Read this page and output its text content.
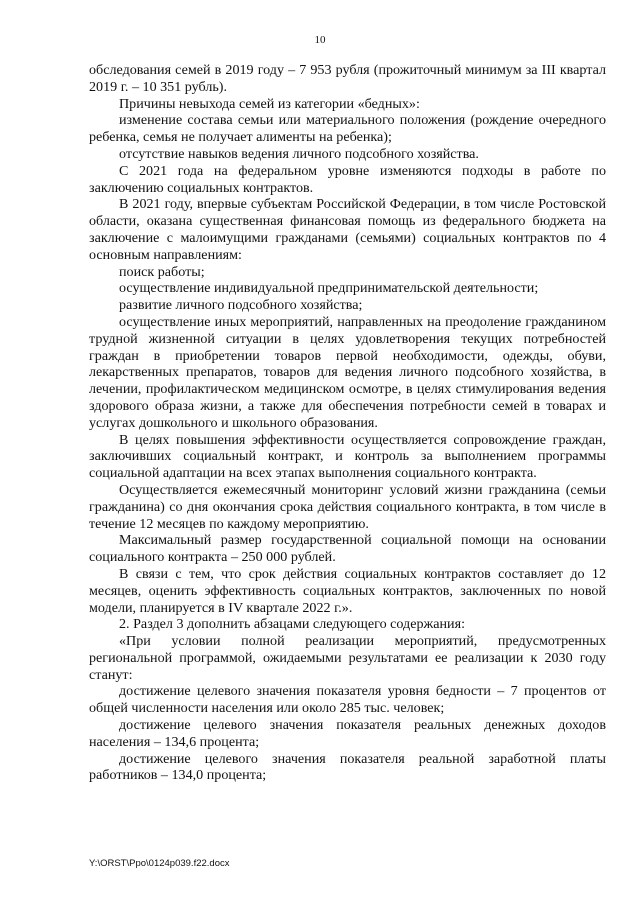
10

обследования семей в 2019 году – 7 953 рубля (прожиточный минимум за III квартал 2019 г. – 10 351 рубль).

Причины невыхода семей из категории «бедных»:

изменение состава семьи или материального положения (рождение очередного ребенка, семья не получает алименты на ребенка);

отсутствие навыков ведения личного подсобного хозяйства.

С 2021 года на федеральном уровне изменяются подходы в работе по заключению социальных контрактов.

В 2021 году, впервые субъектам Российской Федерации, в том числе Ростовской области, оказана существенная финансовая помощь из федерального бюджета на заключение с малоимущими гражданами (семьями) социальных контрактов по 4 основным направлениям:

поиск работы;

осуществление индивидуальной предпринимательской деятельности;

развитие личного подсобного хозяйства;

осуществление иных мероприятий, направленных на преодоление гражданином трудной жизненной ситуации в целях удовлетворения текущих потребностей граждан в приобретении товаров первой необходимости, одежды, обуви, лекарственных препаратов, товаров для ведения личного подсобного хозяйства, в лечении, профилактическом медицинском осмотре, в целях стимулирования ведения здорового образа жизни, а также для обеспечения потребности семей в товарах и услугах дошкольного и школьного образования.

В целях повышения эффективности осуществляется сопровождение граждан, заключивших социальный контракт, и контроль за выполнением программы социальной адаптации на всех этапах выполнения социального контракта.

Осуществляется ежемесячный мониторинг условий жизни гражданина (семьи гражданина) со дня окончания срока действия социального контракта, в том числе в течение 12 месяцев по каждому мероприятию.

Максимальный размер государственной социальной помощи на основании социального контракта – 250 000 рублей.

В связи с тем, что срок действия социальных контрактов составляет до 12 месяцев, оценить эффективность социальных контрактов, заключенных по новой модели, планируется в IV квартале 2022 г.».

2. Раздел 3 дополнить абзацами следующего содержания:

«При условии полной реализации мероприятий, предусмотренных региональной программой, ожидаемыми результатами ее реализации к 2030 году станут:

достижение целевого значения показателя уровня бедности – 7 процентов от общей численности населения или около 285 тыс. человек;

достижение целевого значения показателя реальных денежных доходов населения – 134,6 процента;

достижение целевого значения показателя реальной заработной платы работников – 134,0 процента;

Y:\ORST\Ppo\0124p039.f22.docx
